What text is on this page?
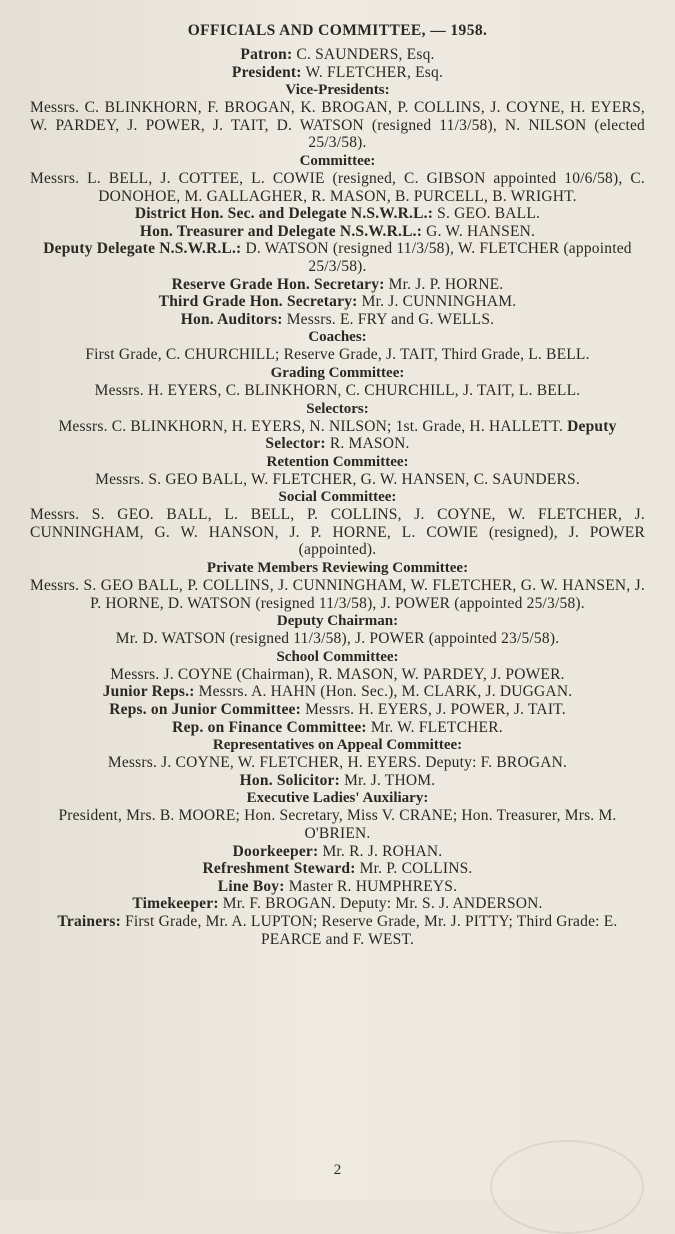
OFFICIALS AND COMMITTEE, — 1958.
Patron: C. SAUNDERS, Esq.
President: W. FLETCHER, Esq.
Vice-Presidents:
Messrs. C. BLINKHORN, F. BROGAN, K. BROGAN, P. COLLINS, J. COYNE, H. EYERS, W. PARDEY, J. POWER, J. TAIT, D. WATSON (resigned 11/3/58), N. NILSON (elected 25/3/58).
Committee:
Messrs. L. BELL, J. COTTEE, L. COWIE (resigned, C. GIBSON appointed 10/6/58), C. DONOHOE, M. GALLAGHER, R. MASON, B. PURCELL, B. WRIGHT.
District Hon. Sec. and Delegate N.S.W.R.L.: S. GEO. BALL.
Hon. Treasurer and Delegate N.S.W.R.L.: G. W. HANSEN.
Deputy Delegate N.S.W.R.L.: D. WATSON (resigned 11/3/58), W. FLETCHER (appointed 25/3/58).
Reserve Grade Hon. Secretary: Mr. J. P. HORNE.
Third Grade Hon. Secretary: Mr. J. CUNNINGHAM.
Hon. Auditors: Messrs. E. FRY and G. WELLS.
Coaches:
First Grade, C. CHURCHILL; Reserve Grade, J. TAIT, Third Grade, L. BELL.
Grading Committee:
Messrs. H. EYERS, C. BLINKHORN, C. CHURCHILL, J. TAIT, L. BELL.
Selectors:
Messrs. C. BLINKHORN, H. EYERS, N. NILSON; 1st. Grade, H. HALLETT. Deputy Selector: R. MASON.
Retention Committee:
Messrs. S. GEO BALL, W. FLETCHER, G. W. HANSEN, C. SAUNDERS.
Social Committee:
Messrs. S. GEO. BALL, L. BELL, P. COLLINS, J. COYNE, W. FLETCHER, J. CUNNINGHAM, G. W. HANSON, J. P. HORNE, L. COWIE (resigned), J. POWER (appointed).
Private Members Reviewing Committee:
Messrs. S. GEO BALL, P. COLLINS, J. CUNNINGHAM, W. FLETCHER, G. W. HANSEN, J. P. HORNE, D. WATSON (resigned 11/3/58), J. POWER (appointed 25/3/58).
Deputy Chairman:
Mr. D. WATSON (resigned 11/3/58), J. POWER (appointed 23/5/58).
School Committee:
Messrs. J. COYNE (Chairman), R. MASON, W. PARDEY, J. POWER.
Junior Reps.: Messrs. A. HAHN (Hon. Sec.), M. CLARK, J. DUGGAN.
Reps. on Junior Committee: Messrs. H. EYERS, J. POWER, J. TAIT.
Rep. on Finance Committee: Mr. W. FLETCHER.
Representatives on Appeal Committee:
Messrs. J. COYNE, W. FLETCHER, H. EYERS. Deputy: F. BROGAN.
Hon. Solicitor: Mr. J. THOM.
Executive Ladies' Auxiliary:
President, Mrs. B. MOORE; Hon. Secretary, Miss V. CRANE; Hon. Treasurer, Mrs. M. O'BRIEN.
Doorkeeper: Mr. R. J. ROHAN.
Refreshment Steward: Mr. P. COLLINS.
Line Boy: Master R. HUMPHREYS.
Timekeeper: Mr. F. BROGAN. Deputy: Mr. S. J. ANDERSON.
Trainers: First Grade, Mr. A. LUPTON; Reserve Grade, Mr. J. PITTY; Third Grade: E. PEARCE and F. WEST.
2
